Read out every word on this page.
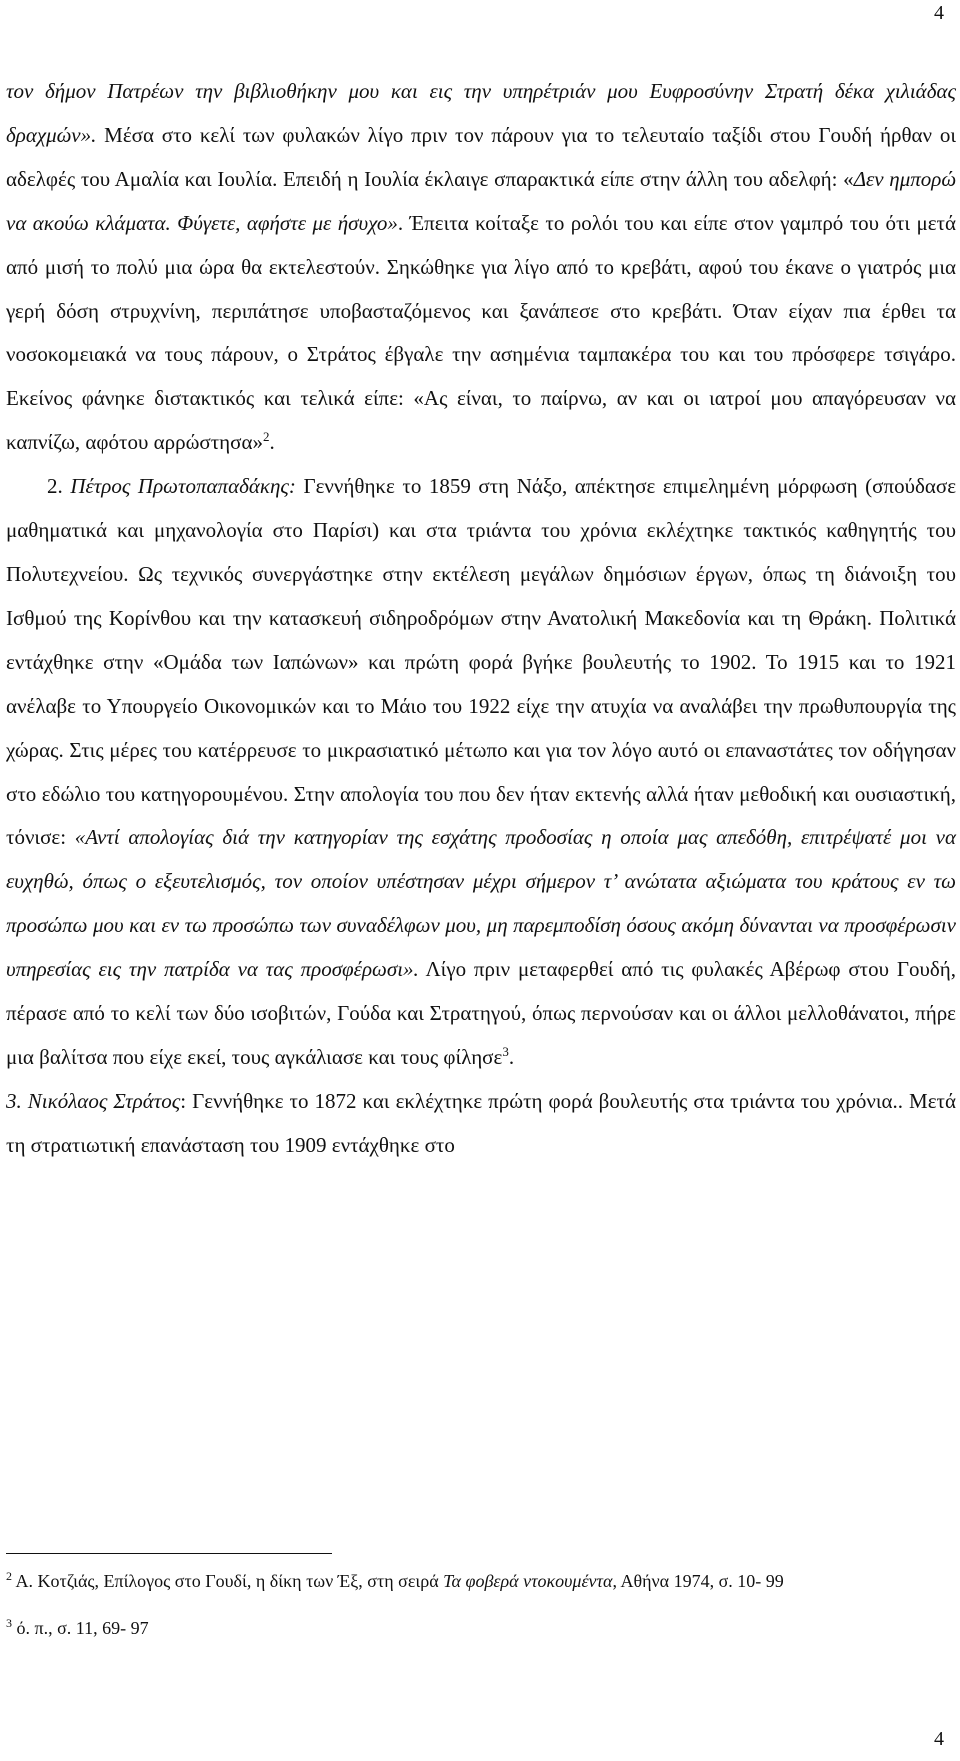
4

τον δήμον Πατρέων την βιβλιοθήκην μου και εις την υπηρέτριάν μου Ευφροσύνην Στρατή δέκα χιλιάδας δραχμών». Μέσα στο κελί των φυλακών λίγο πριν τον πάρουν για το τελευταίο ταξίδι στου Γουδή ήρθαν οι αδελφές του Αμαλία και Ιουλία. Επειδή η Ιουλία έκλαιγε σπαρακτικά είπε στην άλλη του αδελφή: «Δεν ημπορώ να ακούω κλάματα. Φύγετε, αφήστε με ήσυχο». Έπειτα κοίταξε το ρολόι του και είπε στον γαμπρό του ότι μετά από μισή το πολύ μια ώρα θα εκτελεστούν. Σηκώθηκε για λίγο από το κρεβάτι, αφού του έκανε ο γιατρός μια γερή δόση στρυχνίνη, περιπάτησε υποβασταζόμενος και ξανάπεσε στο κρεβάτι. Όταν είχαν πια έρθει τα νοσοκομειακά να τους πάρουν, ο Στράτος έβγαλε την ασημένια ταμπακέρα του και του πρόσφερε τσιγάρο. Εκείνος φάνηκε διστακτικός και τελικά είπε: «Ας είναι, το παίρνω, αν και οι ιατροί μου απαγόρευσαν να καπνίζω, αφότου αρρώστησα»$^2$.

2. Πέτρος Πρωτοπαπαδάκης: Γεννήθηκε το 1859 στη Νάξο, απέκτησε επιμελημένη μόρφωση (σπούδασε μαθηματικά και μηχανολογία στο Παρίσι) και στα τριάντα του χρόνια εκλέχτηκε τακτικός καθηγητής του Πολυτεχνείου. Ως τεχνικός συνεργάστηκε στην εκτέλεση μεγάλων δημόσιων έργων, όπως τη διάνοιξη του Ισθμού της Κορίνθου και την κατασκευή σιδηροδρόμων στην Ανατολική Μακεδονία και τη Θράκη. Πολιτικά εντάχθηκε στην «Ομάδα των Ιαπώνων» και πρώτη φορά βγήκε βουλευτής το 1902. Το 1915 και το 1921 ανέλαβε το Υπουργείο Οικονομικών και το Μάιο του 1922 είχε την ατυχία να αναλάβει την πρωθυπουργία της χώρας. Στις μέρες του κατέρρευσε το μικρασιατικό μέτωπο και για τον λόγο αυτό οι επαναστάτες τον οδήγησαν στο εδώλιο του κατηγορουμένου. Στην απολογία του που δεν ήταν εκτενής αλλά ήταν μεθοδική και ουσιαστική, τόνισε: «Αντί απολογίας διά την κατηγορίαν της εσχάτης προδοσίας η οποία μας απεδόθη, επιτρέψατέ μοι να ευχηθώ, όπως ο εξευτελισμός, τον οποίον υπέστησαν μέχρι σήμερον τ’ ανώτατα αξιώματα του κράτους εν τω προσώπω μου και εν τω προσώπω των συναδέλφων μου, μη παρεμποδίση όσους ακόμη δύνανται να προσφέρωσιν υπηρεσίας εις την πατρίδα να τας προσφέρωσι». Λίγο πριν μεταφερθεί από τις φυλακές Αβέρωφ στου Γουδή, πέρασε από το κελί των δύο ισοβιτών, Γούδα και Στρατηγού, όπως περνούσαν και οι άλλοι μελλοθάνατοι, πήρε μια βαλίτσα που είχε εκεί, τους αγκάλιασε και τους φίλησε$^3$.

3. Νικόλαος Στράτος: Γεννήθηκε το 1872 και εκλέχτηκε πρώτη φορά βουλευτής στα τριάντα του χρόνια.. Μετά τη στρατιωτική επανάσταση του 1909 εντάχθηκε στο

$^2$ Α. Κοτζιάς, Επίλογος στο Γουδί, η δίκη των Έξ, στη σειρά Τα φοβερά ντοκουμέντα, Αθήνα 1974, σ. 10- 99

$^3$ ό. π., σ. 11, 69- 97

4
